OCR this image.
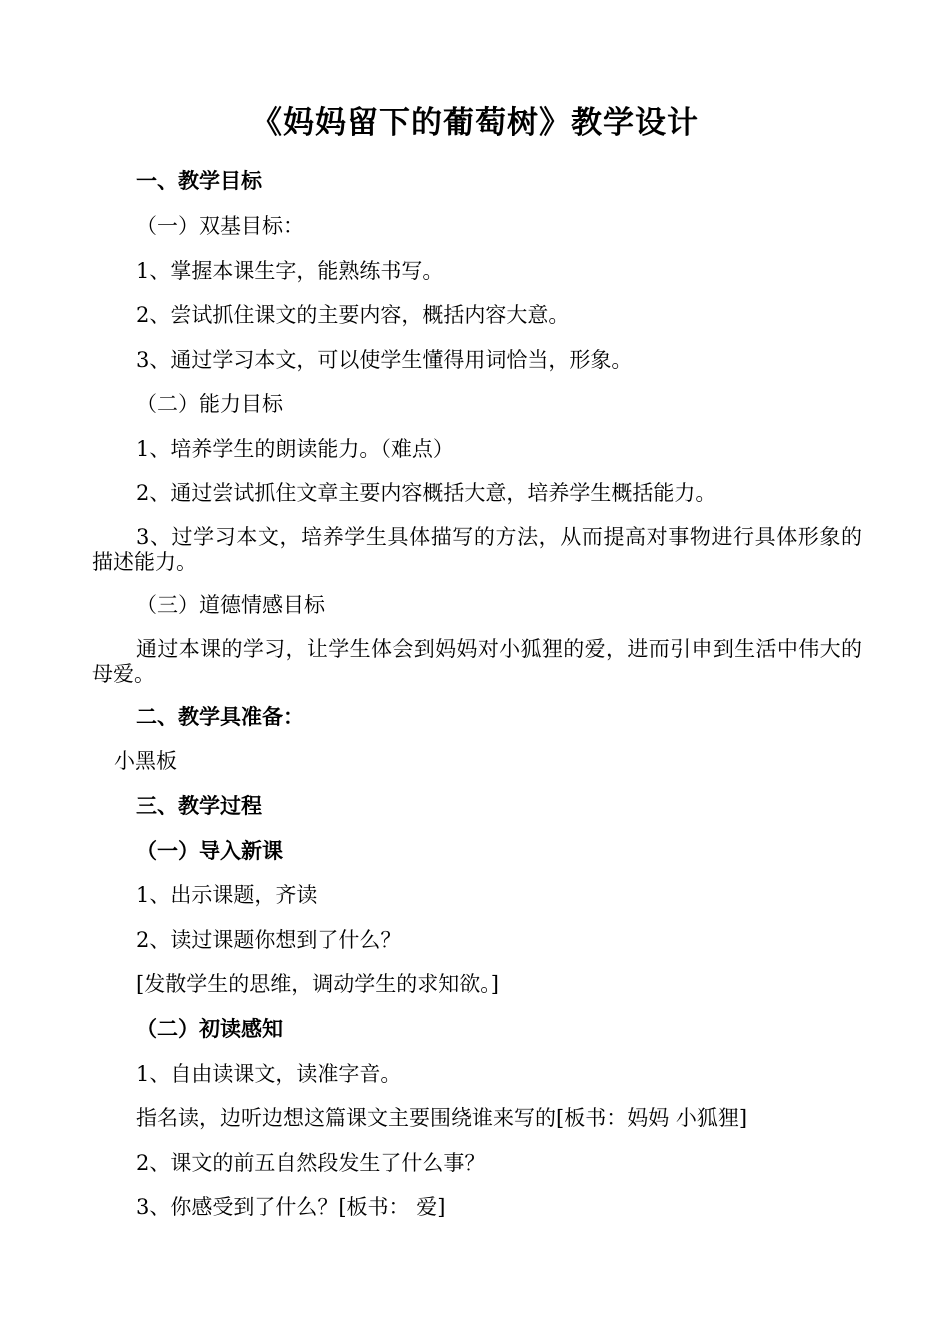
《妈妈留下的葡萄树》教学设计
一、教学目标
（一）双基目标：
1、掌握本课生字，能熟练书写。
2、尝试抓住课文的主要内容，概括内容大意。
3、通过学习本文，可以使学生懂得用词恰当，形象。
（二）能力目标
1、培养学生的朗读能力。（难点）
2、通过尝试抓住文章主要内容概括大意，培养学生概括能力。
3、过学习本文，培养学生具体描写的方法，从而提高对事物进行具体形象的描述能力。
（三）道德情感目标
通过本课的学习，让学生体会到妈妈对小狐狸的爱，进而引申到生活中伟大的母爱。
二、教学具准备：
小黑板
三、教学过程
（一）导入新课
1、出示课题，齐读
2、读过课题你想到了什么？
[发散学生的思维，调动学生的求知欲。]
（二）初读感知
1、自由读课文，读准字音。
指名读，边听边想这篇课文主要围绕谁来写的[板书：妈妈 小狐狸]
2、课文的前五自然段发生了什么事？
3、你感受到了什么？[板书： 爱]
